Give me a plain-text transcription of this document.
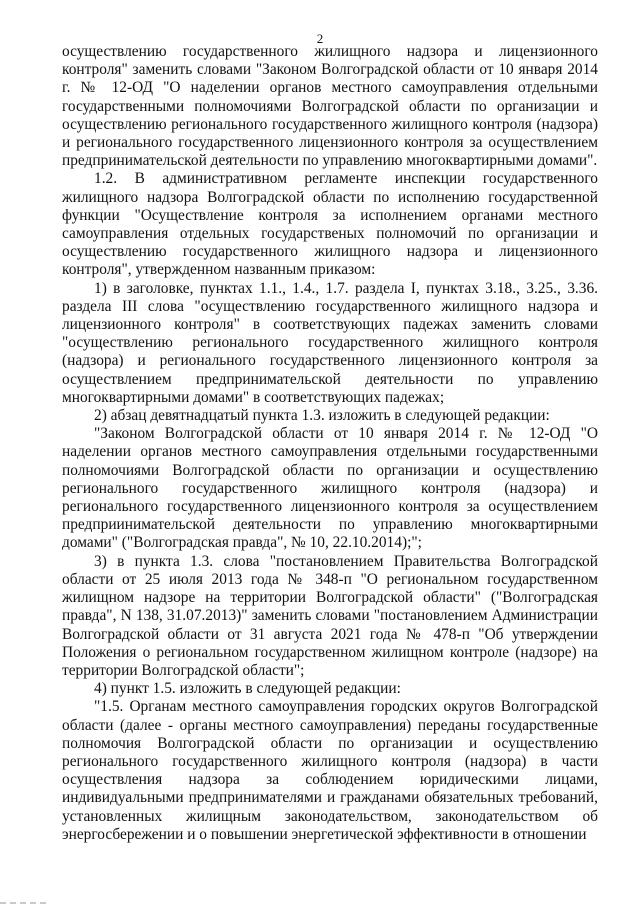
2

осуществлению государственного жилищного надзора и лицензионного контроля" заменить словами "Законом Волгоградской области от 10 января 2014 г. № 12-ОД "О наделении органов местного самоуправления отдельными государственными полномочиями Волгоградской области по организации и осуществлению регионального государственного жилищного контроля (надзора) и регионального государственного лицензионного контроля за осуществлением предпринимательской деятельности по управлению многоквартирными домами".

1.2. В административном регламенте инспекции государственного жилищного надзора Волгоградской области по исполнению государственной функции "Осуществление контроля за исполнением органами местного самоуправления отдельных государственых полномочий по организации и осуществлению государственного жилищного надзора и лицензионного контроля", утвержденном названным приказом:

1) в заголовке, пунктах 1.1., 1.4., 1.7. раздела I, пунктах 3.18., 3.25., 3.36. раздела III слова "осуществлению государственного жилищного надзора и лицензионного контроля" в соответствующих падежах заменить словами "осуществлению регионального государственного жилищного контроля (надзора) и регионального государственного лицензионного контроля за осуществлением предпринимательской деятельности по управлению многоквартирными домами" в соответствующих падежах;

2) абзац девятнадцатый пункта 1.3. изложить в следующей редакции:

"Законом Волгоградской области от 10 января 2014 г. № 12-ОД "О наделении органов местного самоуправления отдельными государственными полномочиями Волгоградской области по организации и осуществлению регионального государственного жилищного контроля (надзора) и регионального государственного лицензионного контроля за осуществлением предприинимательской деятельности по управлению многоквартирными домами" ("Волгоградская правда", № 10, 22.10.2014);";

3) в пункта 1.3. слова "постановлением Правительства Волгоградской области от 25 июля 2013 года № 348-п "О региональном государственном жилищном надзоре на территории Волгоградской области" ("Волгоградская правда", N 138, 31.07.2013)" заменить словами "постановлением Администрации Волгоградской области от 31 августа 2021 года № 478-п "Об утверждении Положения о региональном государственном жилищном контроле (надзоре) на территории Волгоградской области";

4) пункт 1.5. изложить в следующей редакции:

"1.5. Органам местного самоуправления городских округов Волгоградской области (далее - органы местного самоуправления) переданы государственные полномочия Волгоградской области по организации и осуществлению регионального государственного жилищного контроля (надзора) в части осуществления надзора за соблюдением юридическими лицами, индивидуальными предпринимателями и гражданами обязательных требований, установленных жилищным законодательством, законодательством об энергосбережении и о повышении энергетической эффективности в отношении
